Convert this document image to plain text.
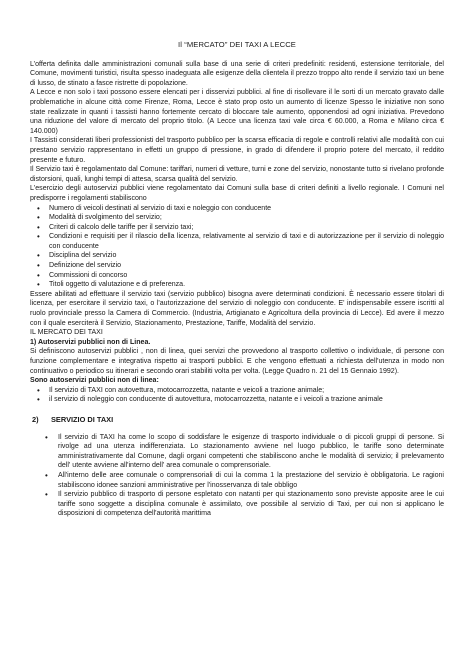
Il “MERCATO” DEI TAXI A LECCE

L’offerta definita dalle amministrazioni comunali sulla base di una serie di criteri predefiniti: residenti, estensione territoriale, del Comune, movimenti turistici, risulta spesso inadeguata alle esigenze della clientela il prezzo troppo alto rende il servizio taxi un bene di lusso, de stinato a fasce ristrette di popolazione.

A Lecce e non solo i taxi possono essere elencati per i disservizi pubblici. al fine di risollevare il le sorti di un mercato gravato dalle problematiche in alcune città come Firenze, Roma, Lecce è stato prop osto un aumento di licenze Spesso le iniziative non sono state realizzate in quanti i tassisti hanno fortemente cercato di bloccare tale aumento, opponendosi ad ogni iniziativa. Prevedono una riduzione del valore di mercato del proprio titolo. (A Lecce una licenza taxi vale circa € 60.000, a Roma e Milano circa € 140.000)

I Tassisti considerati liberi professionisti del trasporto pubblico per la scarsa efficacia di regole e controlli relativi alle modalità con cui prestano servizio rappresentano in effetti un gruppo di pressione, in grado di difendere il proprio potere del mercato, il reddito presente e futuro.

Il Servizio taxi è regolamentato dal Comune: tariffari, numeri di vetture, turni e zone del servizio, nonostante tutto si rivelano profonde distorsioni, quali, lunghi tempi di attesa, scarsa qualità del servizio.

L'esercizio degli autoservizi pubblici viene regolamentato dai Comuni sulla base di criteri definiti a livello regionale. I Comuni nel predisporre i regolamenti stabiliscono

• Numero di veicoli destinati al servizio di taxi e noleggio con conducente
• Modalità di svolgimento del servizio;
• Criteri di calcolo delle tariffe per il servizio taxi;
• Condizioni e requisiti per il rilascio della licenza, relativamente al servizio di taxi e di autorizzazione per il servizio di noleggio con conducente
• Disciplina del servizio
• Definizione del servizio
• Commissioni di concorso
• Titoli oggetto di valutazione e di preferenza.

Essere abilitati ad effettuare il servizio taxi (servizio pubblico) bisogna avere determinati condizioni. È necessario essere titolari di licenza, per esercitare il servizio taxi, o l'autorizzazione del servizio di noleggio con conducente. E' indispensabile essere iscritti al ruolo provinciale presso la Camera di Commercio. (Industria, Artigianato e Agricoltura della provincia di Lecce). Ed avere il mezzo con il quale eserciterà il Servizio, Stazionamento, Prestazione, Tariffe, Modalità del servizio.

IL MERCATO DEI TAXI

1) Autoservizi pubblici non di Linea.

Si definiscono autoservizi pubblici , non di linea, quei servizi che provvedono al trasporto collettivo o individuale, di persone con funzione complementare e integrativa rispetto ai trasporti pubblici. E che vengono effettuati a richiesta dell'utenza in modo non continuativo o periodico su itinerari e secondo orari stabiliti volta per volta. (Legge Quadro n. 21 del 15 Gennaio 1992).

Sono autoservizi pubblici non di linea:

• Il servizio di TAXI con autovettura, motocarrozzetta, natante e veicoli a trazione animale;
• il servizio di noleggio con conducente di autovettura, motocarrozzetta, natante e i veicoli a trazione animale
2) SERVIZIO DI TAXI
• Il servizio di TAXI ha come lo scopo di soddisfare le esigenze di trasporto individuale o di piccoli gruppi di persone. Si rivolge ad una utenza indifferenziata. Lo stazionamento avviene nel luogo pubblico, le tariffe sono determinate amministrativamente dal Comune, dagli organi competenti che stabiliscono anche le modalità di servizio; il prelevamento dell' utente avviene all'interno dell' area comunale o comprensoriale.
• All'interno delle aree comunale o comprensoriali di cui la comma 1 la prestazione del servizio è obbligatoria. Le ragioni stabiliscono idonee sanzioni amministrative per l'inosservanza di tale obbligo
• Il servizio pubblico di trasporto di persone espletato con natanti per qui stazionamento sono previste apposite aree le cui tariffe sono soggette a disciplina comunale è assimilato, ove possibile al servizio di Taxi, per cui non si applicano le disposizioni di competenza dell'autorità marittima
